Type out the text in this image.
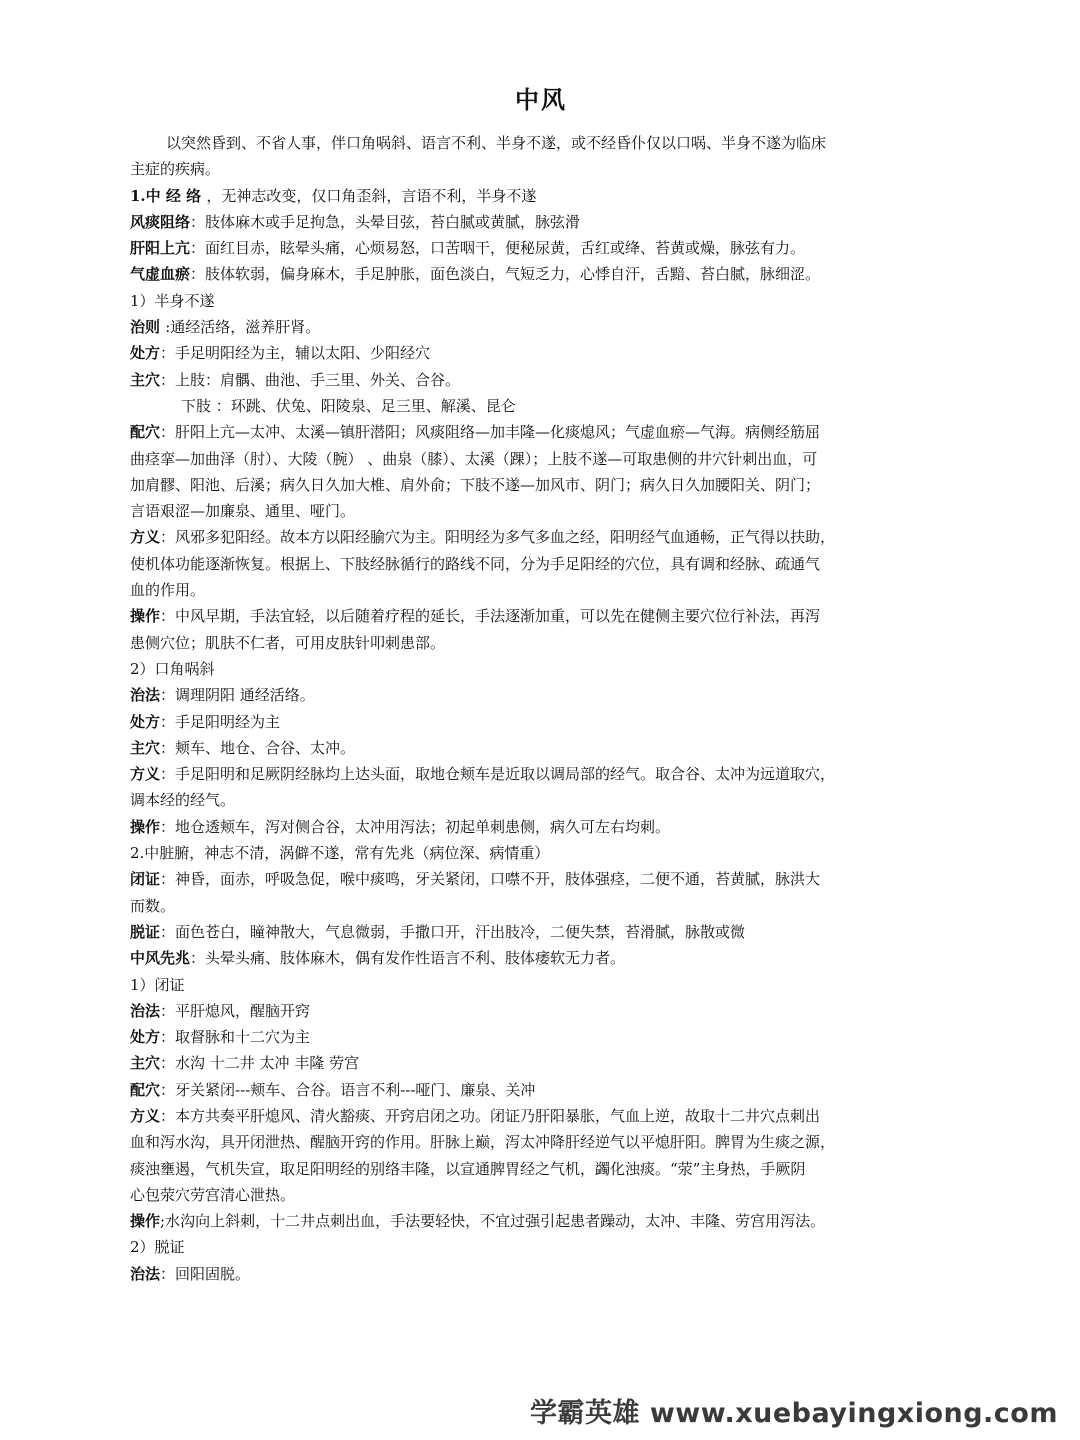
中风
以突然昏到、不省人事，伴口角㖞斜、语言不利、半身不遂，或不经昏仆仅以口㖞、半身不遂为临床
主症的疾病。
1.中 经 络 ，无神志改变，仅口角歪斜，言语不利，半身不遂
风痰阻络：肢体麻木或手足拘急，头晕目弦，苔白腻或黄腻，脉弦滑
肝阳上亢：面红目赤，眩晕头痛，心烦易怒，口苦咽干，便秘尿黄，舌红或绛、苔黄或燥，脉弦有力。
气虚血瘀：肢体软弱，偏身麻木，手足肿胀，面色淡白，气短乏力，心悸自汗，舌黯、苔白腻，脉细涩。
1）半身不遂
治则 :通经活络，滋养肝肾。
处方：手足明阳经为主，辅以太阳、少阳经穴
主穴：上肢：肩髃、曲池、手三里、外关、合谷。
下肢 ：环跳、伏兔、阳陵泉、足三里、解溪、昆仑
配穴：肝阳上亢—太冲、太溪—镇肝潜阳；风痰阻络—加丰隆—化痰熄风；气虚血瘀—气海。病侧经筋屈
曲痉挛—加曲泽（肘）、大陵（腕） 、曲泉（膝）、太溪（踝）；上肢不遂—可取患侧的井穴针刺出血，可
加肩髎、阳池、后溪；病久日久加大椎、肩外俞；下肢不遂—加风市、阴门；病久日久加腰阳关、阴门；
言语艰涩—加廉泉、通里、哑门。
方义：风邪多犯阳经。故本方以阳经腧穴为主。阳明经为多气多血之经，阳明经气血通畅，正气得以扶助，
使机体功能逐渐恢复。根据上、下肢经脉循行的路线不同，分为手足阳经的穴位，具有调和经脉、疏通气
血的作用。
操作：中风早期，手法宜轻，以后随着疗程的延长，手法逐渐加重，可以先在健侧主要穴位行补法，再泻
患侧穴位；肌肤不仁者，可用皮肤针叩刺患部。
2）口角㖞斜
治法：调理阴阳 通经活络。
处方：手足阳明经为主
主穴：颊车、地仓、合谷、太冲。
方义：手足阳明和足厥阴经脉均上达头面，取地仓颊车是近取以调局部的经气。取合谷、太冲为远道取穴，
调本经的经气。
操作：地仓透颊车，泻对侧合谷，太冲用泻法；初起单刺患侧，病久可左右均刺。
2.中脏腑，神志不清，涡僻不遂，常有先兆（病位深、病情重）
闭证：神昏，面赤，呼吸急促，喉中痰鸣，牙关紧闭，口噤不开，肢体强痉，二便不通，苔黄腻，脉洪大
而数。
脱证：面色苍白，瞳神散大，气息微弱，手撒口开，汗出肢冷，二便失禁，苔滑腻，脉散或微
中风先兆：头晕头痛、肢体麻木，偶有发作性语言不利、肢体痿软无力者。
1）闭证
治法：平肝熄风，醒脑开窍
处方：取督脉和十二穴为主
主穴：水沟 十二井 太冲 丰隆 劳宫
配穴：牙关紧闭---颊车、合谷。语言不利---哑门、廉泉、关冲
方义：本方共奏平肝熄风、清火豁痰、开窍启闭之功。闭证乃肝阳暴胀，气血上逆，故取十二井穴点刺出
血和泻水沟，具开闭泄热、醒脑开窍的作用。肝脉上巅，泻太冲降肝经逆气以平熄肝阳。脾胃为生痰之源，
痰浊壅遏，气机失宣，取足阳明经的别络丰隆，以宣通脾胃经之气机，蠲化浊痰。“荥”主身热，手厥阴
心包荥穴劳宫清心泄热。
操作;水沟向上斜刺，十二井点刺出血，手法要轻快，不宜过强引起患者躁动，太冲、丰隆、劳宫用泻法。
2）脱证
治法：回阳固脱。
学霸英雄 www.xuebayingxiong.com
